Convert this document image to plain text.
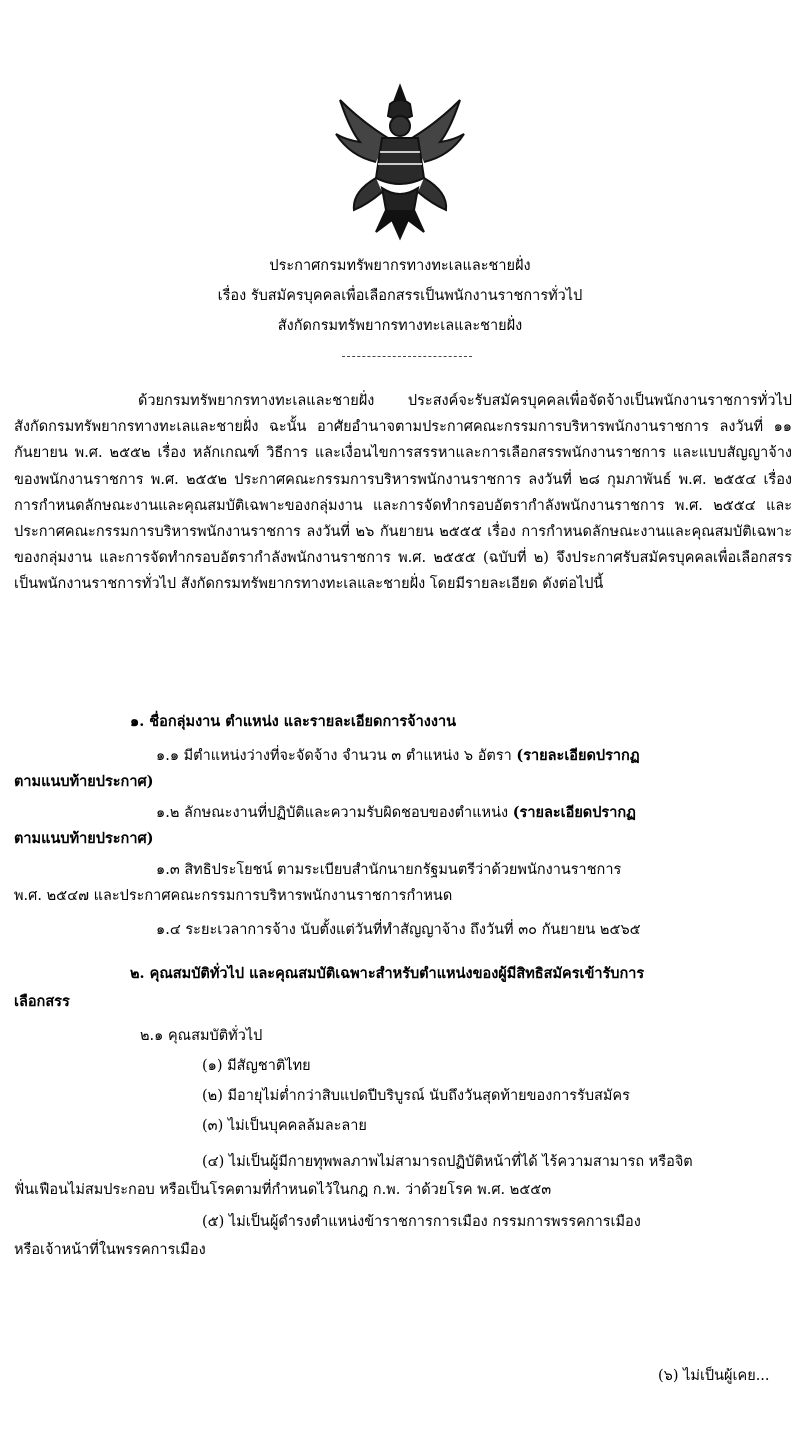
ประกาศกรมทรัพยากรทางทะเลและชายฝั่ง
เรื่อง รับสมัครบุคคลเพื่อเลือกสรรเป็นพนักงานราชการทั่วไป
สังกัดกรมทรัพยากรทางทะเลและชายฝั่ง
ด้วยกรมทรัพยากรทางทะเลและชายฝั่ง ประสงค์จะรับสมัครบุคคลเพื่อจัดจ้างเป็นพนักงานราชการทั่วไป สังกัดกรมทรัพยากรทางทะเลและชายฝั่ง ฉะนั้น อาศัยอำนาจตามประกาศคณะกรรมการบริหารพนักงานราชการ ลงวันที่ ๑๑ กันยายน พ.ศ. ๒๕๕๒ เรื่อง หลักเกณฑ์ วิธีการ และเงื่อนไขการสรรหาและการเลือกสรรพนักงานราชการ และแบบสัญญาจ้างของพนักงานราชการ พ.ศ. ๒๕๕๒ ประกาศคณะกรรมการบริหารพนักงานราชการ ลงวันที่ ๒๘ กุมภาพันธ์ พ.ศ. ๒๕๕๔ เรื่อง การกำหนดลักษณะงานและคุณสมบัติเฉพาะของกลุ่มงาน และการจัดทำกรอบอัตรากำลังพนักงานราชการ พ.ศ. ๒๕๕๔ และประกาศคณะกรรมการบริหารพนักงานราชการ ลงวันที่ ๒๖ กันยายน ๒๕๕๕ เรื่อง การกำหนดลักษณะงานและคุณสมบัติเฉพาะของกลุ่มงาน และการจัดทำกรอบอัตรากำลังพนักงานราชการ พ.ศ. ๒๕๕๕ (ฉบับที่ ๒) จึงประกาศรับสมัครบุคคลเพื่อเลือกสรรเป็นพนักงานราชการทั่วไป สังกัดกรมทรัพยากรทางทะเลและชายฝั่ง โดยมีรายละเอียด ดังต่อไปนี้
๑. ชื่อกลุ่มงาน ตำแหน่ง และรายละเอียดการจ้างงาน
๑.๑ มีตำแหน่งว่างที่จะจัดจ้าง จำนวน ๓ ตำแหน่ง ๖ อัตรา (รายละเอียดปรากฏ
ตามแนบท้ายประกาศ)
๑.๒ ลักษณะงานที่ปฏิบัติและความรับผิดชอบของตำแหน่ง (รายละเอียดปรากฏ
ตามแนบท้ายประกาศ)
๑.๓ สิทธิประโยชน์ ตามระเบียบสำนักนายกรัฐมนตรีว่าด้วยพนักงานราชการ
พ.ศ. ๒๕๔๗ และประกาศคณะกรรมการบริหารพนักงานราชการกำหนด
๑.๔ ระยะเวลาการจ้าง นับตั้งแต่วันที่ทำสัญญาจ้าง ถึงวันที่ ๓๐ กันยายน ๒๕๖๕
๒. คุณสมบัติทั่วไป และคุณสมบัติเฉพาะสำหรับตำแหน่งของผู้มีสิทธิสมัครเข้ารับการ
เลือกสรร
๒.๑ คุณสมบัติทั่วไป
(๑) มีสัญชาติไทย
(๒) มีอายุไม่ต่ำกว่าสิบแปดปีบริบูรณ์ นับถึงวันสุดท้ายของการรับสมัคร
(๓) ไม่เป็นบุคคลล้มละลาย
(๔) ไม่เป็นผู้มีกายทุพพลภาพไม่สามารถปฏิบัติหน้าที่ได้ ไร้ความสามารถ หรือจิต
ฟั่นเฟือนไม่สมประกอบ หรือเป็นโรคตามที่กำหนดไว้ในกฎ ก.พ. ว่าด้วยโรค พ.ศ. ๒๕๕๓
(๕) ไม่เป็นผู้ดำรงตำแหน่งข้าราชการการเมือง กรรมการพรรคการเมือง
หรือเจ้าหน้าที่ในพรรคการเมือง
(๖) ไม่เป็นผู้เคย...
